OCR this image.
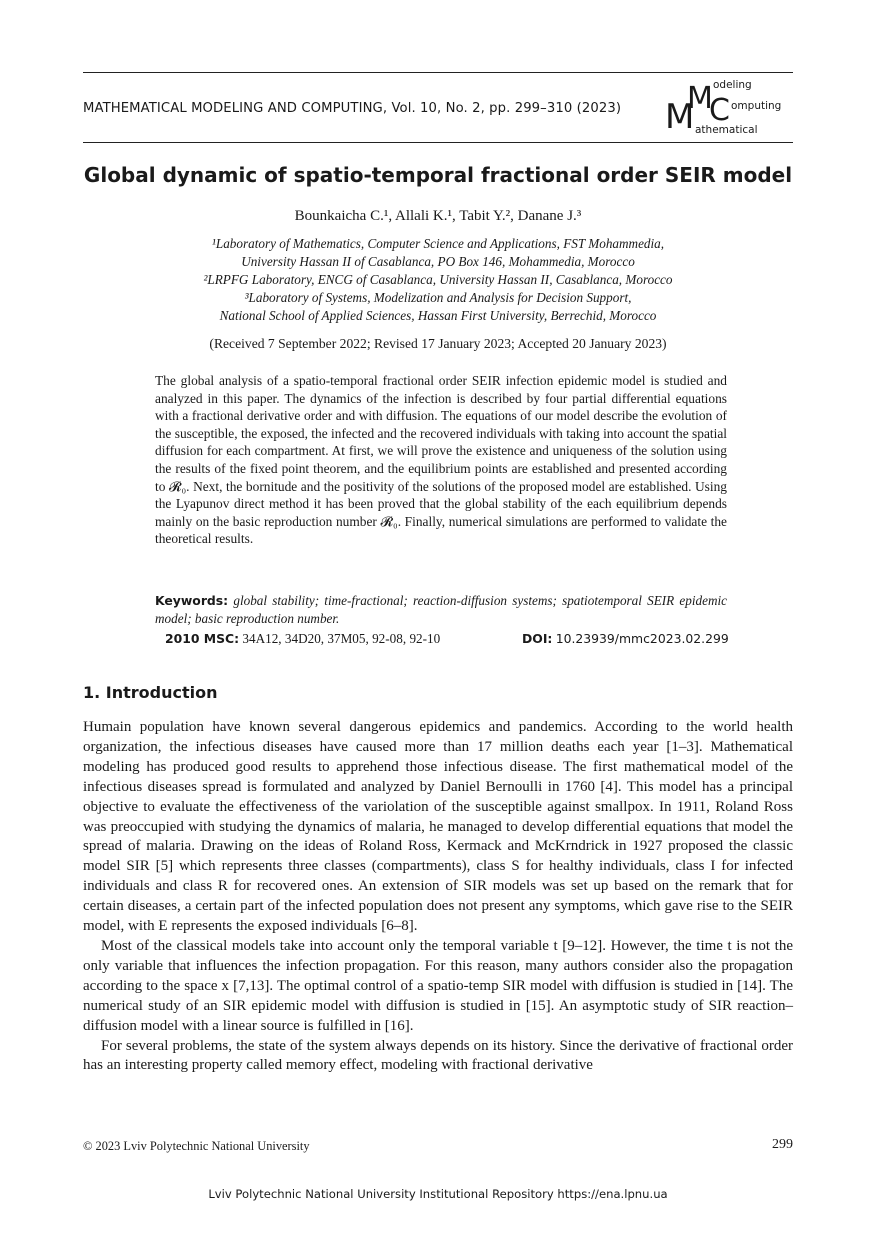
MATHEMATICAL MODELING AND COMPUTING, Vol. 10, No. 2, pp. 299–310 (2023) M
M
C
odeling
omputing
athematical
Global dynamic of spatio-temporal fractional order SEIR model
Bounkaicha C.¹, Allali K.¹, Tabit Y.², Danane J.³
¹Laboratory of Mathematics, Computer Science and Applications, FST Mohammedia,
University Hassan II of Casablanca, PO Box 146, Mohammedia, Morocco
²LRPFG Laboratory, ENCG of Casablanca, University Hassan II, Casablanca, Morocco
³Laboratory of Systems, Modelization and Analysis for Decision Support,
National School of Applied Sciences, Hassan First University, Berrechid, Morocco
(Received 7 September 2022; Revised 17 January 2023; Accepted 20 January 2023)
The global analysis of a spatio-temporal fractional order SEIR infection epidemic model is studied and analyzed in this paper. The dynamics of the infection is described by four partial differential equations with a fractional derivative order and with diffusion. The equations of our model describe the evolution of the susceptible, the exposed, the infected and the recovered individuals with taking into account the spatial diffusion for each compartment. At first, we will prove the existence and uniqueness of the solution using the results of the fixed point theorem, and the equilibrium points are established and presented according to 𝓡₀. Next, the bornitude and the positivity of the solutions of the proposed model are established. Using the Lyapunov direct method it has been proved that the global stability of the each equilibrium depends mainly on the basic reproduction number 𝓡₀. Finally, numerical simulations are performed to validate the theoretical results.
Keywords: global stability; time-fractional; reaction-diffusion systems; spatiotemporal SEIR epidemic model; basic reproduction number.
2010 MSC: 34A12, 34D20, 37M05, 92-08, 92-10	DOI: 10.23939/mmc2023.02.299
1. Introduction

Humain population have known several dangerous epidemics and pandemics. According to the world health organization, the infectious diseases have caused more than 17 million deaths each year [1–3]. Mathematical modeling has produced good results to apprehend those infectious disease. The first mathematical model of the infectious diseases spread is formulated and analyzed by Daniel Bernoulli in 1760 [4]. This model has a principal objective to evaluate the effectiveness of the variolation of the susceptible against smallpox. In 1911, Roland Ross was preoccupied with studying the dynamics of malaria, he managed to develop differential equations that model the spread of malaria. Drawing on the ideas of Roland Ross, Kermack and McKrndrick in 1927 proposed the classic model SIR [5] which represents three classes (compartments), class S for healthy individuals, class I for infected individuals and class R for recovered ones. An extension of SIR models was set up based on the remark that for certain diseases, a certain part of the infected population does not present any symptoms, which gave rise to the SEIR model, with E represents the exposed individuals [6–8].

Most of the classical models take into account only the temporal variable t [9–12]. However, the time t is not the only variable that influences the infection propagation. For this reason, many authors consider also the propagation according to the space x [7,13]. The optimal control of a spatio-temp SIR model with diffusion is studied in [14]. The numerical study of an SIR epidemic model with diffusion is studied in [15]. An asymptotic study of SIR reaction–diffusion model with a linear source is fulfilled in [16].

For several problems, the state of the system always depends on its history. Since the derivative of fractional order has an interesting property called memory effect, modeling with fractional derivative

© 2023 Lviv Polytechnic National University	299
Lviv Polytechnic National University Institutional Repository https://ena.lpnu.ua
